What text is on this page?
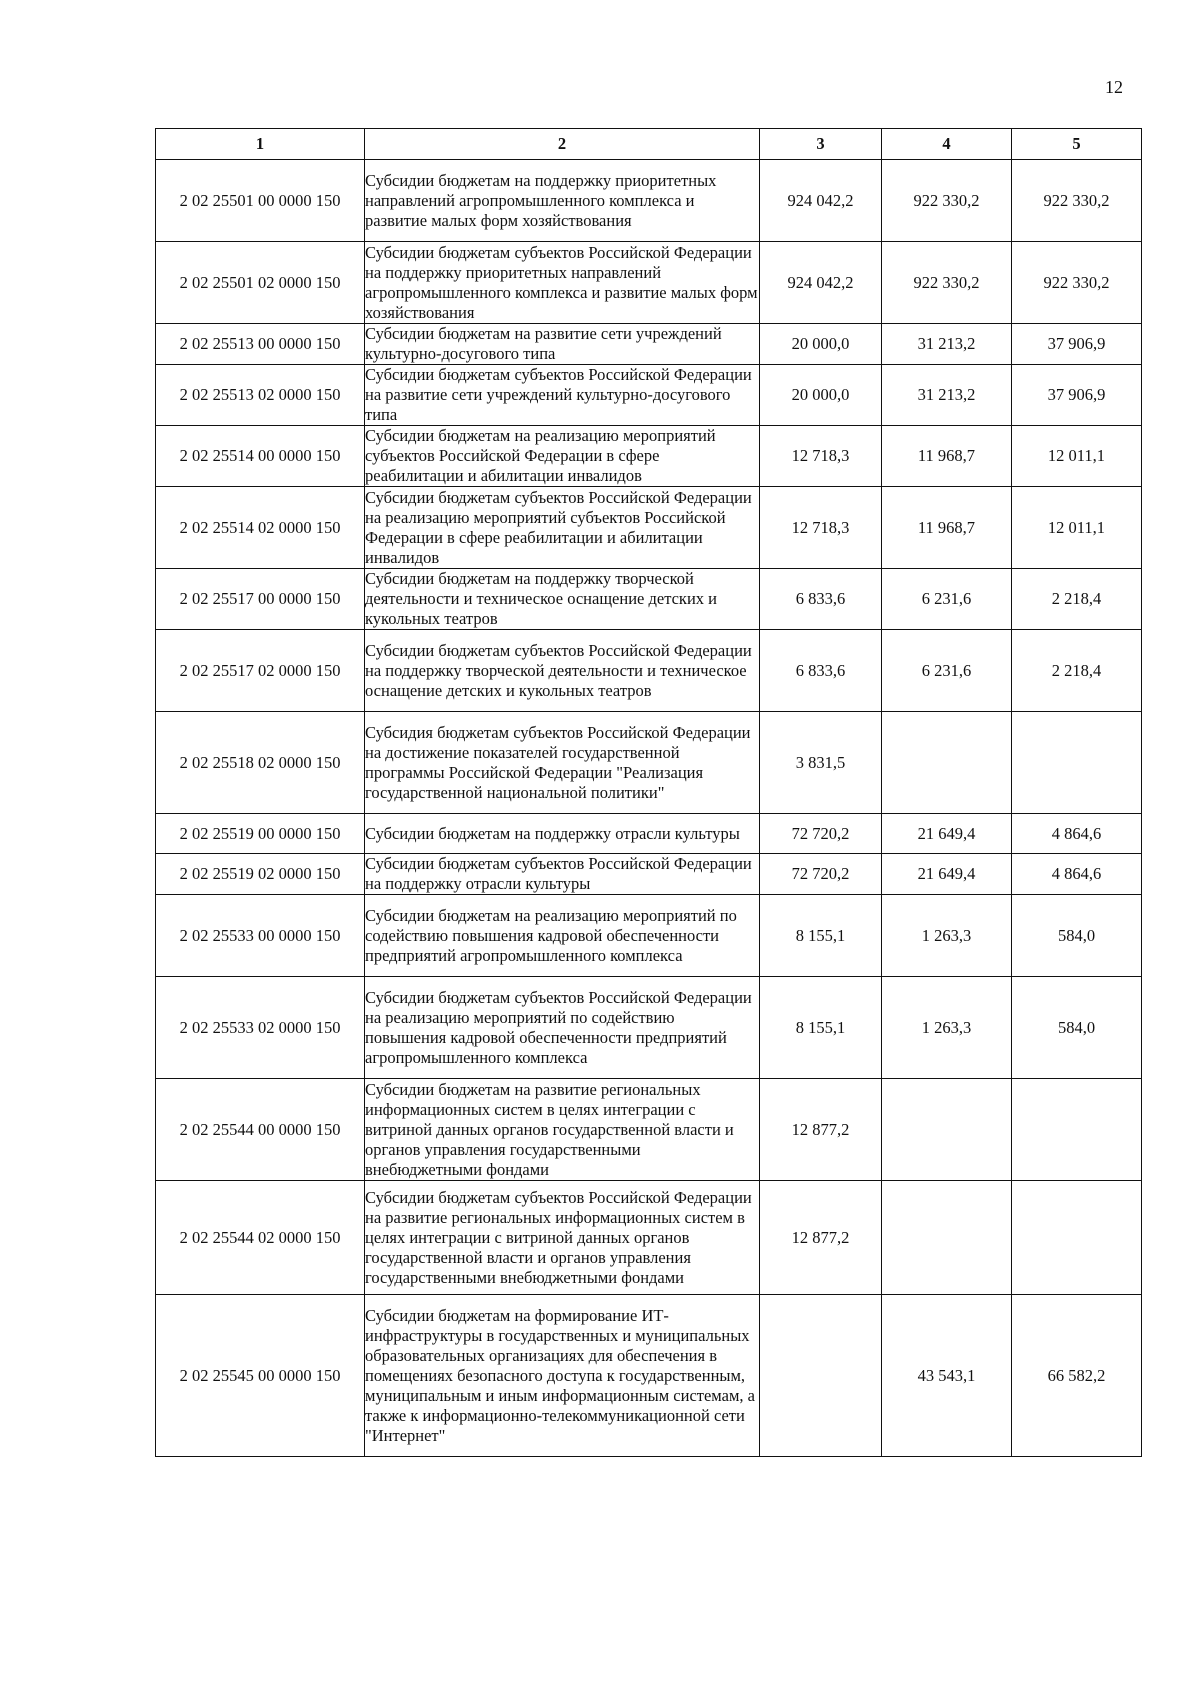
12
1	2	3	4	5
2 02 25501 00 0000 150	Субсидии бюджетам на поддержку приоритетных направлений агропромышленного комплекса и развитие малых форм хозяйствования	924 042,2	922 330,2	922 330,2
2 02 25501 02 0000 150	Субсидии бюджетам субъектов Российской Федерации на поддержку приоритетных направлений агропромышленного комплекса и развитие малых форм хозяйствования	924 042,2	922 330,2	922 330,2
2 02 25513 00 0000 150	Субсидии бюджетам на развитие сети учреждений культурно-досугового типа	20 000,0	31 213,2	37 906,9
2 02 25513 02 0000 150	Субсидии бюджетам субъектов Российской Федерации на развитие сети учреждений культурно-досугового типа	20 000,0	31 213,2	37 906,9
2 02 25514 00 0000 150	Субсидии бюджетам на реализацию мероприятий субъектов Российской Федерации в сфере реабилитации и абилитации инвалидов	12 718,3	11 968,7	12 011,1
2 02 25514 02 0000 150	Субсидии бюджетам субъектов Российской Федерации на реализацию мероприятий субъектов Российской Федерации в сфере реабилитации и абилитации инвалидов	12 718,3	11 968,7	12 011,1
2 02 25517 00 0000 150	Субсидии бюджетам на поддержку творческой деятельности и техническое оснащение детских и кукольных театров	6 833,6	6 231,6	2 218,4
2 02 25517 02 0000 150	Субсидии бюджетам субъектов Российской Федерации на поддержку творческой деятельности и техническое оснащение детских и кукольных театров	6 833,6	6 231,6	2 218,4
2 02 25518 02 0000 150	Субсидия бюджетам субъектов Российской Федерации на достижение показателей государственной программы Российской Федерации "Реализация государственной национальной политики"	3 831,5		
2 02 25519 00 0000 150	Субсидии бюджетам на поддержку отрасли культуры	72 720,2	21 649,4	4 864,6
2 02 25519 02 0000 150	Субсидии бюджетам субъектов Российской Федерации на поддержку отрасли культуры	72 720,2	21 649,4	4 864,6
2 02 25533 00 0000 150	Субсидии бюджетам на реализацию мероприятий по содействию повышения кадровой обеспеченности предприятий агропромышленного комплекса	8 155,1	1 263,3	584,0
2 02 25533 02 0000 150	Субсидии бюджетам субъектов Российской Федерации на реализацию мероприятий по содействию повышения кадровой обеспеченности предприятий агропромышленного комплекса	8 155,1	1 263,3	584,0
2 02 25544 00 0000 150	Субсидии бюджетам на развитие региональных информационных систем в целях интеграции с витриной данных органов государственной власти и органов управления государственными внебюджетными фондами	12 877,2		
2 02 25544 02 0000 150	Субсидии бюджетам субъектов Российской Федерации на развитие региональных информационных систем в целях интеграции с витриной данных органов государственной власти и органов управления государственными внебюджетными фондами	12 877,2		
2 02 25545 00 0000 150	Субсидии бюджетам на формирование ИТ-инфраструктуры в государственных и муниципальных образовательных организациях для обеспечения в помещениях безопасного доступа к государственным, муниципальным и иным информационным системам, а также к информационно-телекоммуникационной сети "Интернет"		43 543,1	66 582,2
